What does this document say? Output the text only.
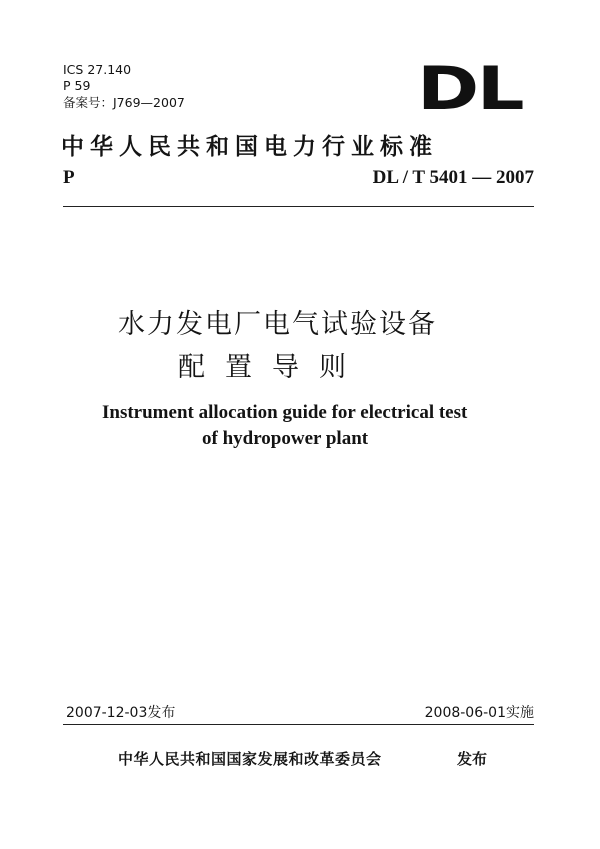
ICS 27.140
P 59
备案号：J769—2007	DL
中华人民共和国电力行业标准
P	DL / T 5401 — 2007
水力发电厂电气试验设备
配置导则
Instrument allocation guide for electrical test
of hydropower plant
2007-12-03发布	2008-06-01实施
中华人民共和国国家发展和改革委员会	发布
